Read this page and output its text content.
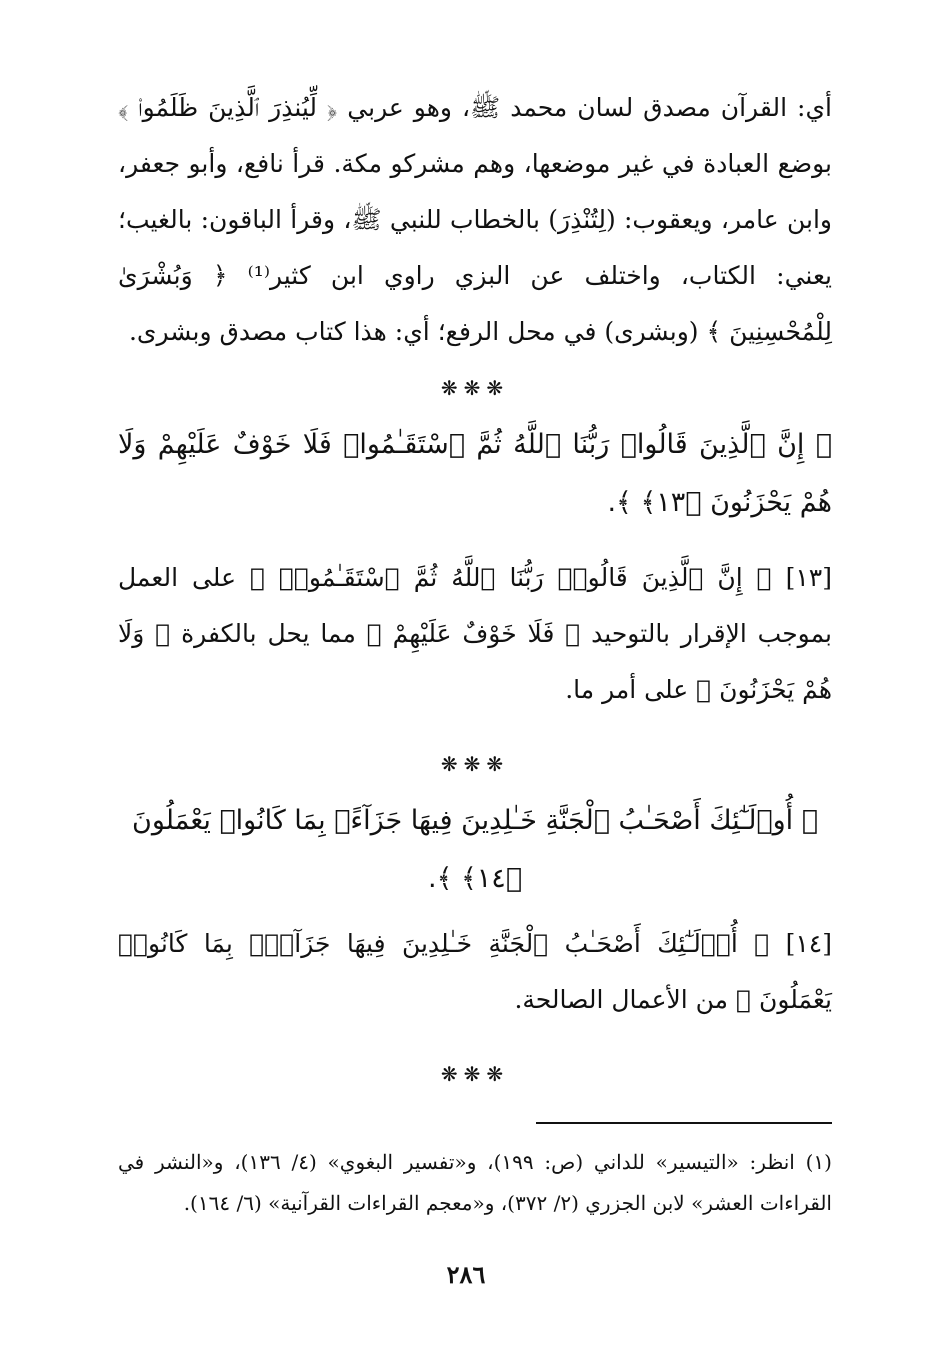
أي: القرآن مصدق لسان محمد ﷺ، وهو عربي ﴿ لِّيُنذِرَ ٱلَّذِينَ ظَلَمُوا۟ ﴾ بوضع العبادة في غير موضعها، وهم مشركو مكة. قرأ نافع، وأبو جعفر، وابن عامر، ويعقوب: (لِتُنْذِرَ) بالخطاب للنبي ﷺ، وقرأ الباقون: بالغيب؛ يعني: الكتاب، واختلف عن البزي راوي ابن كثير⁽¹⁾ ﴿ وَبُشْرَىٰ لِلْمُحْسِنِينَ ﴾ (وبشرى) في محل الرفع؛ أي: هذا كتاب مصدق وبشرى.

❋❋❋

﴿ إِنَّ ٱلَّذِينَ قَالُوا۟ رَبُّنَا ٱللَّهُ ثُمَّ ٱسْتَقَـٰمُوا۟ فَلَا خَوْفٌ عَلَيْهِمْ وَلَا هُمْ يَحْزَنُونَ ﴿١٣﴾ ﴾.

[١٣] ﴿ إِنَّ ٱلَّذِينَ قَالُوا۟ رَبُّنَا ٱللَّهُ ثُمَّ ٱسْتَقَـٰمُوا۟ ﴾ على العمل بموجب الإقرار بالتوحيد ﴿ فَلَا خَوْفٌ عَلَيْهِمْ ﴾ مما يحل بالكفرة ﴿ وَلَا هُمْ يَحْزَنُونَ ﴾ على أمر ما.

❋❋❋

﴿ أُو۟لَـٰٓئِكَ أَصْحَـٰبُ ٱلْجَنَّةِ خَـٰلِدِينَ فِيهَا جَزَآءًۢ بِمَا كَانُوا۟ يَعْمَلُونَ ﴿١٤﴾ ﴾.

[١٤] ﴿ أُو۟لَـٰٓئِكَ أَصْحَـٰبُ ٱلْجَنَّةِ خَـٰلِدِينَ فِيهَا جَزَآءًۢ بِمَا كَانُوا۟ يَعْمَلُونَ ﴾ من الأعمال الصالحة.

❋❋❋

(١) انظر: «التيسير» للداني (ص: ١٩٩)، و«تفسير البغوي» (٤/ ١٣٦)، و«النشر في القراءات العشر» لابن الجزري (٢/ ٣٧٢)، و«معجم القراءات القرآنية» (٦/ ١٦٤).

٢٨٦
